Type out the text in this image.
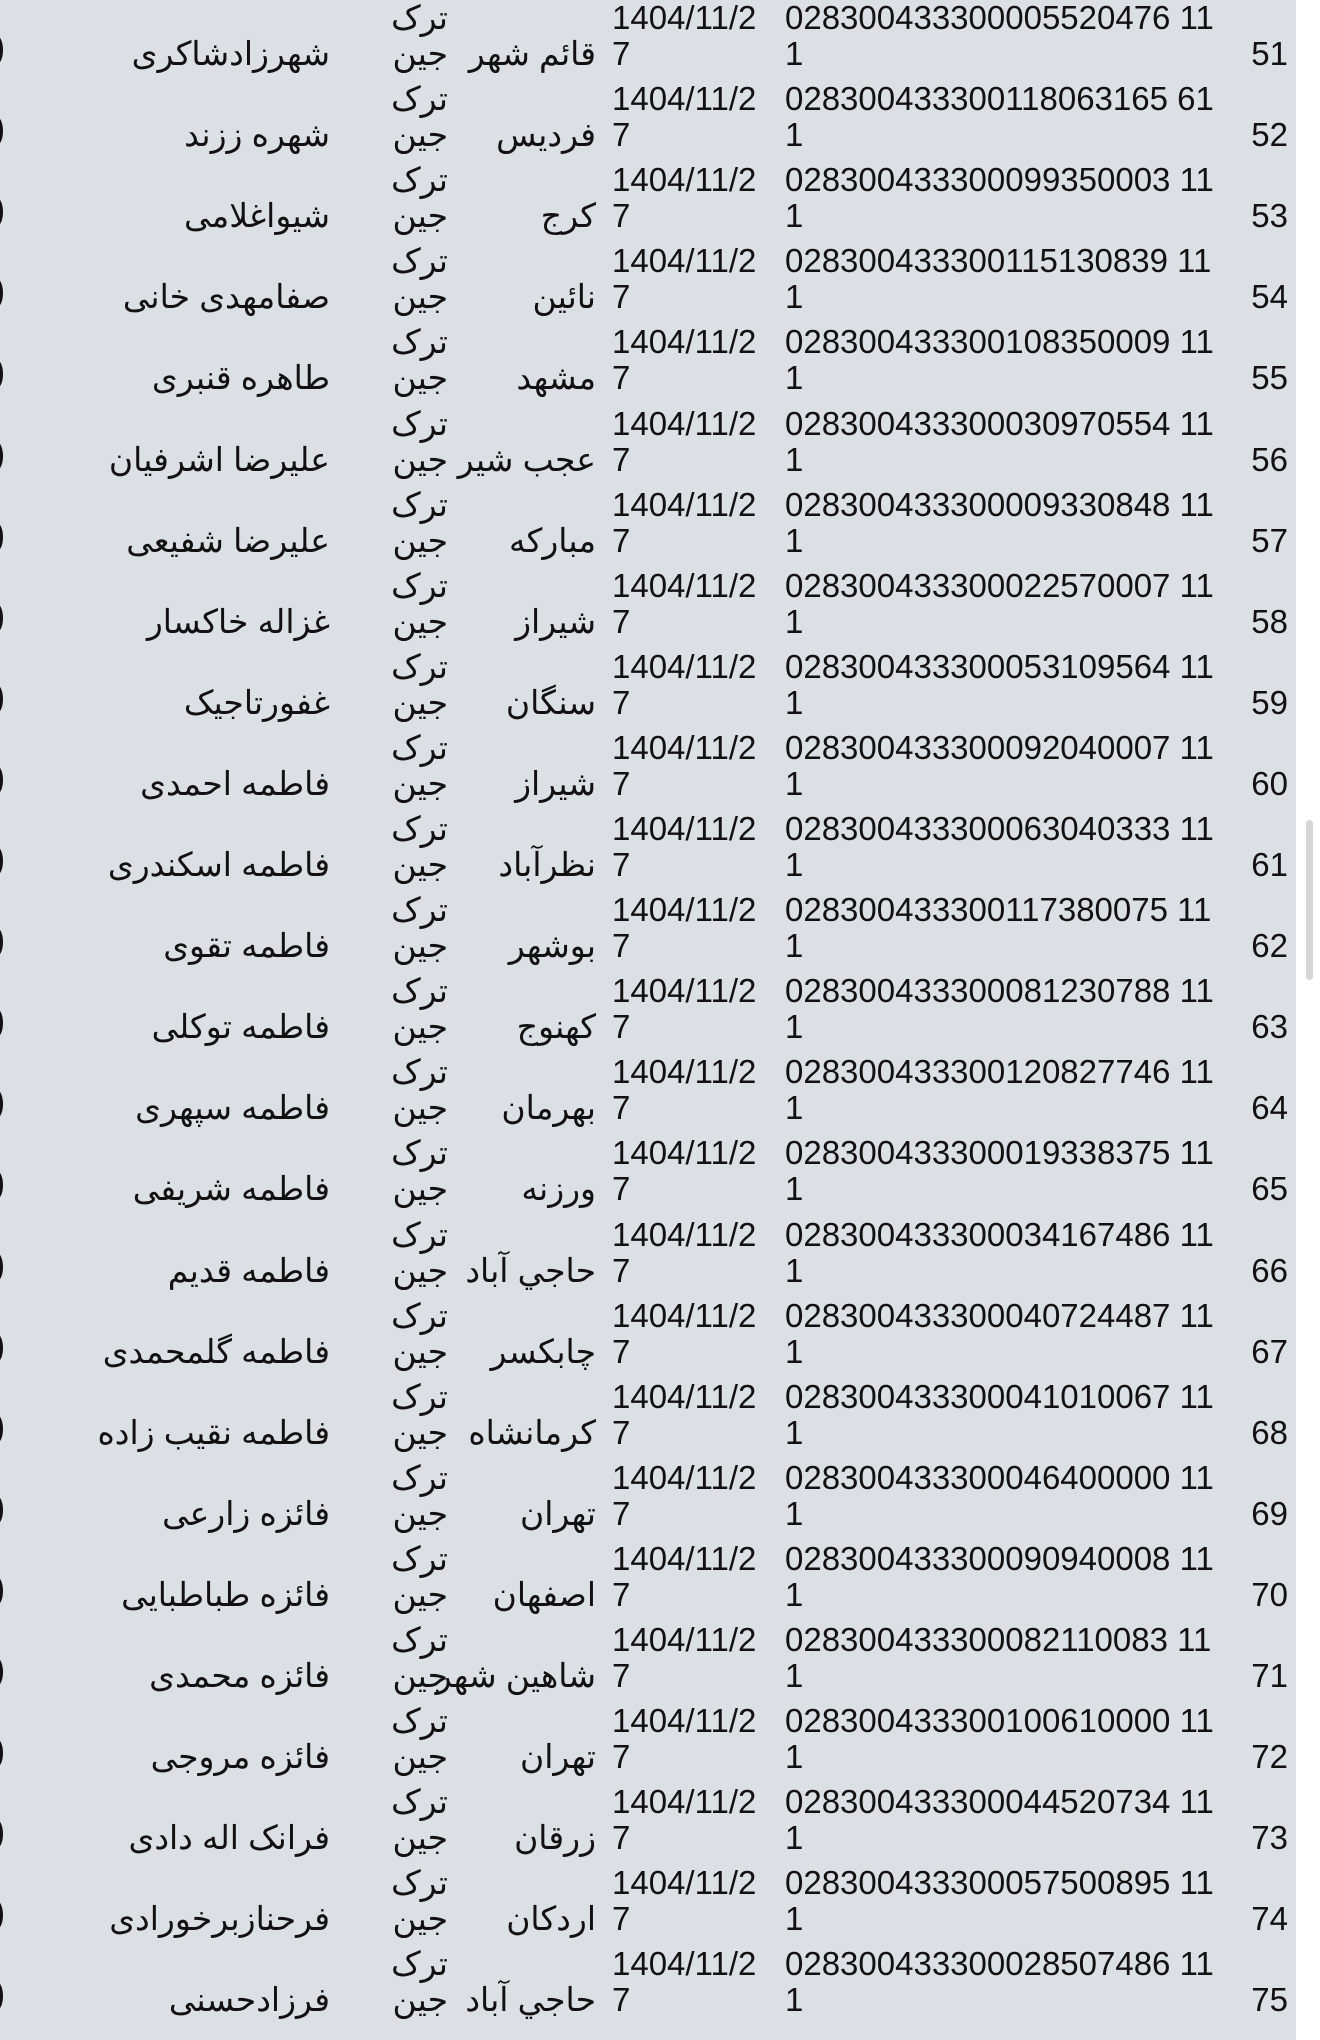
51
028300433300005520476 11
1
1404/11/2
7
قائم شهر
ترک
جین
شهرزادشاکری
52
028300433300118063165 61
1
1404/11/2
7
فرديس
ترک
جین
شهره ززند
53
028300433300099350003 11
1
1404/11/2
7
کرج
ترک
جین
شیواغلامی
54
028300433300115130839 11
1
1404/11/2
7
نائين
ترک
جین
صفامهدی خانی
55
028300433300108350009 11
1
1404/11/2
7
مشهد
ترک
جین
طاهره قنبری
56
028300433300030970554 11
1
1404/11/2
7
عجب شير
ترک
جین
علیرضا اشرفیان
57
028300433300009330848 11
1
1404/11/2
7
مبارکه
ترک
جین
علیرضا شفیعی
58
028300433300022570007 11
1
1404/11/2
7
شيراز
ترک
جین
غزاله خاکسار
59
028300433300053109564 11
1
1404/11/2
7
سنگان
ترک
جین
غفورتاجیک
60
028300433300092040007 11
1
1404/11/2
7
شيراز
ترک
جین
فاطمه احمدی
61
028300433300063040333 11
1
1404/11/2
7
نظرآباد
ترک
جین
فاطمه اسکندری
62
028300433300117380075 11
1
1404/11/2
7
بوشهر
ترک
جین
فاطمه تقوی
63
028300433300081230788 11
1
1404/11/2
7
کهنوج
ترک
جین
فاطمه توکلی
64
028300433300120827746 11
1
1404/11/2
7
بهرمان
ترک
جین
فاطمه سپهری
65
028300433300019338375 11
1
1404/11/2
7
ورزنه
ترک
جین
فاطمه شریفی
66
028300433300034167486 11
1
1404/11/2
7
حاجي آباد
ترک
جین
فاطمه قدیم
67
028300433300040724487 11
1
1404/11/2
7
چابکسر
ترک
جین
فاطمه گلمحمدی
68
028300433300041010067 11
1
1404/11/2
7
کرمانشاه
ترک
جین
فاطمه نقیب زاده
69
028300433300046400000 11
1
1404/11/2
7
تهران
ترک
جین
فائزه زارعی
70
028300433300090940008 11
1
1404/11/2
7
اصفهان
ترک
جین
فائزه طباطبایی
71
028300433300082110083 11
1
1404/11/2
7
شاهين شهر
ترک
جین
فائزه محمدی
72
028300433300100610000 11
1
1404/11/2
7
تهران
ترک
جین
فائزه مروجی
73
028300433300044520734 11
1
1404/11/2
7
زرقان
ترک
جین
فرانک اله دادی
74
028300433300057500895 11
1
1404/11/2
7
اردکان
ترک
جین
فرحنازبرخورادی
75
028300433300028507486 11
1
1404/11/2
7
حاجي آباد
ترک
جین
فرزادحسنی
